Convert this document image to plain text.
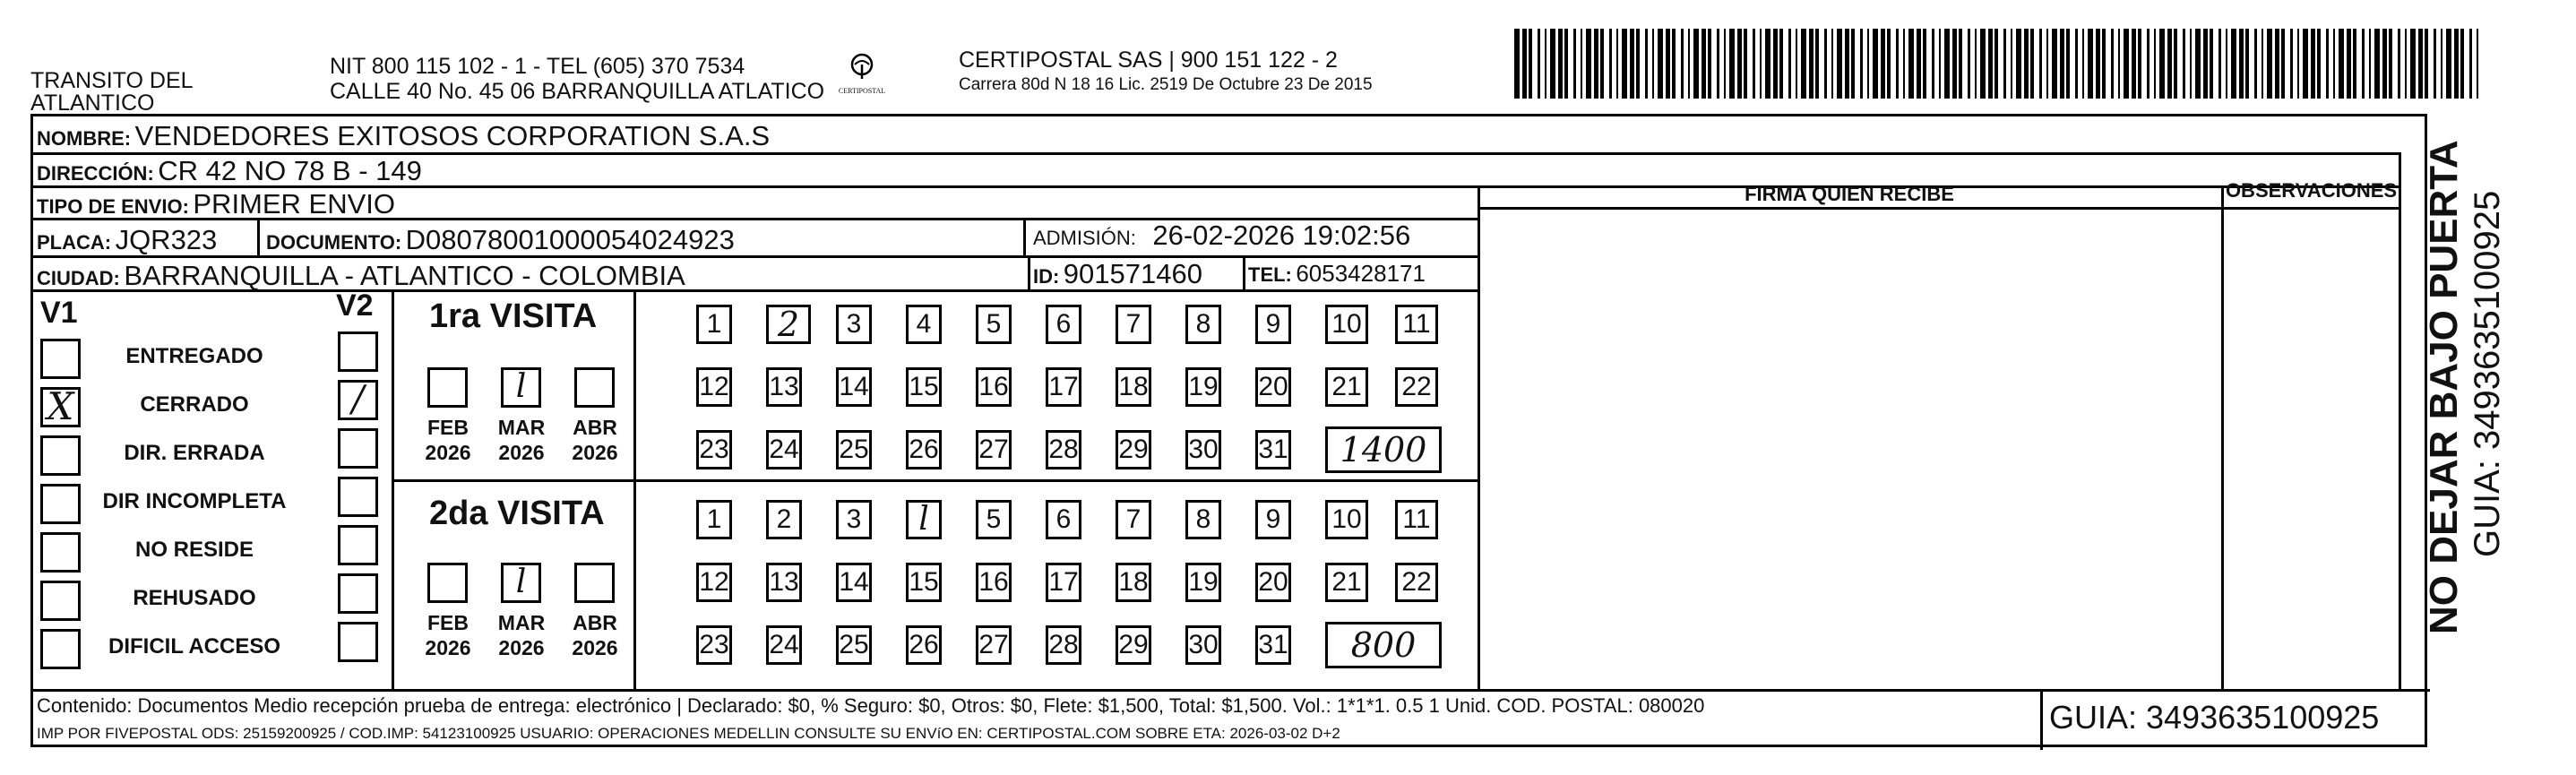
TRANSITO DEL
ATLANTICO
NIT 800 115 102 - 1 - TEL (605) 370 7534
CALLE 40 No. 45 06 BARRANQUILLA ATLATICO	CERTIPOSTAL
CERTIPOSTAL SAS | 900 151 122 - 2
Carrera 80d N 18 16 Lic. 2519 De Octubre 23 De 2015
NOMBRE: VENDEDORES EXITOSOS CORPORATION S.A.S
DIRECCIÓN: CR 42 NO 78 B - 149
TIPO DE ENVIO: PRIMER ENVIO
PLACA: JQR323 DOCUMENTO: D08078001000054024923	ADMISIÓN: 26-02-2026 19:02:56
CIUDAD: BARRANQUILLA - ATLANTICO - COLOMBIA	ID: 901571460 TEL: 6053428171
FIRMA QUIEN RECIBE	OBSERVACIONES
V1	V2
ENTREGADO
X	CERRADO	/
DIR. ERRADA
DIR INCOMPLETA
NO RESIDE
REHUSADO
DIFICIL ACCESO
1ra VISITA
2da VISITA
FEB
2026
l
MAR
2026
ABR
2026
1	2	3	4	5	6	7	8	9	10 11
12 13 14 15 16 17 18 19 20 21 22
23 24 25 26 27 28 29 30 31	1400
FEB
2026
l
MAR
2026
ABR
2026
1	2	3	l	5	6	7	8	9	10 11
12 13 14 15 16 17 18 19 20 21 22
23 24 25 26 27 28 29 30 31	800
Contenido: Documentos Medio recepción prueba de entrega: electrónico | Declarado: $0, % Seguro: $0, Otros: $0, Flete: $1,500, Total: $1,500. Vol.: 1*1*1. 0.5 1 Unid. COD. POSTAL: 080020
IMP POR FIVEPOSTAL ODS: 25159200925 / COD.IMP: 54123100925 USUARIO: OPERACIONES MEDELLIN CONSULTE SU ENVíO EN: CERTIPOSTAL.COM SOBRE ETA: 2026-03-02 D+2	GUIA: 3493635100925
NO DEJAR BAJO PUERTA GUIA: 3493635100925
